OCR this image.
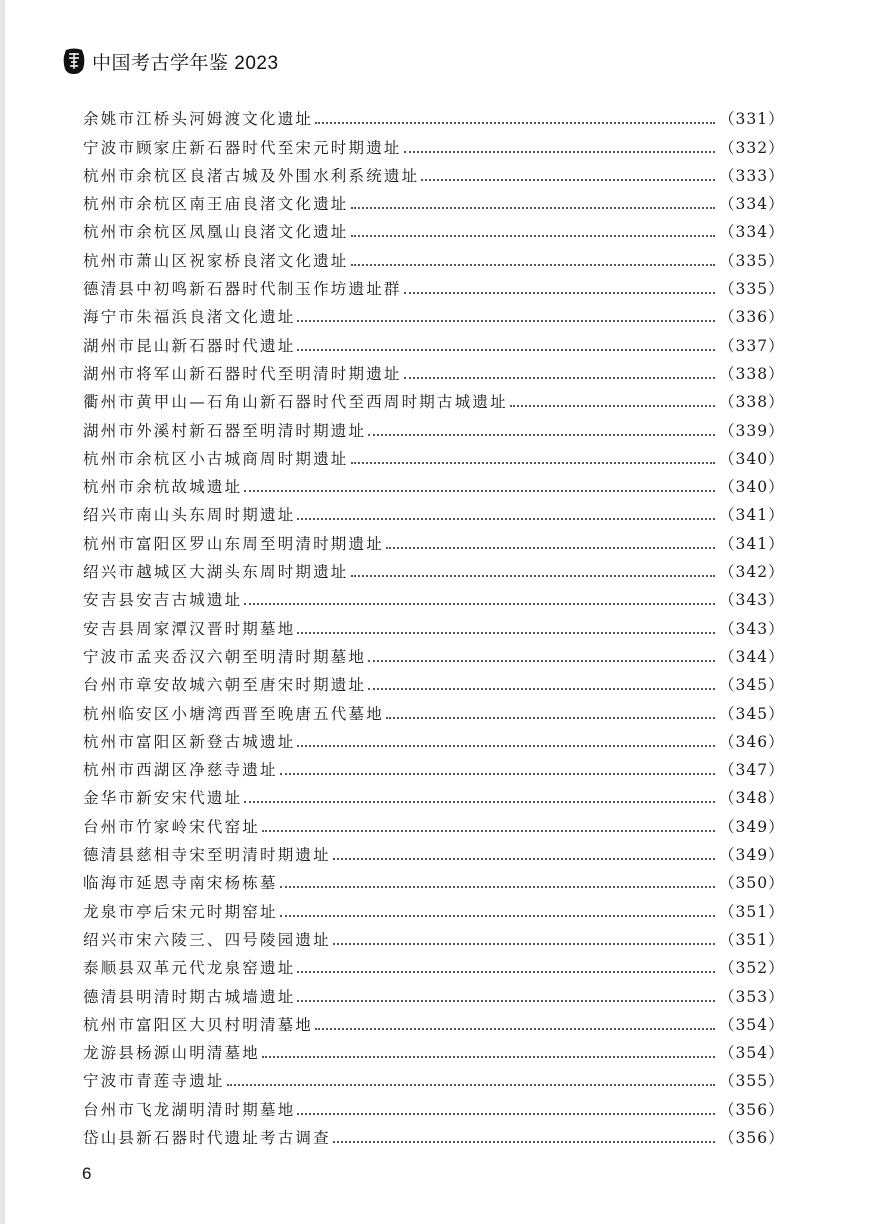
中国考古学年鉴 2023
余姚市江桥头河姆渡文化遗址	（331）
宁波市顾家庄新石器时代至宋元时期遗址	（332）
杭州市余杭区良渚古城及外围水利系统遗址	（333）
杭州市余杭区南王庙良渚文化遗址	（334）
杭州市余杭区凤凰山良渚文化遗址	（334）
杭州市萧山区祝家桥良渚文化遗址	（335）
德清县中初鸣新石器时代制玉作坊遗址群	（335）
海宁市朱福浜良渚文化遗址	（336）
湖州市昆山新石器时代遗址	（337）
湖州市将军山新石器时代至明清时期遗址	（338）
衢州市黄甲山—石角山新石器时代至西周时期古城遗址	（338）
湖州市外溪村新石器至明清时期遗址	（339）
杭州市余杭区小古城商周时期遗址	（340）
杭州市余杭故城遗址	（340）
绍兴市南山头东周时期遗址	（341）
杭州市富阳区罗山东周至明清时期遗址	（341）
绍兴市越城区大湖头东周时期遗址	（342）
安吉县安吉古城遗址	（343）
安吉县周家潭汉晋时期墓地	（343）
宁波市孟夹岙汉六朝至明清时期墓地	（344）
台州市章安故城六朝至唐宋时期遗址	（345）
杭州临安区小塘湾西晋至晚唐五代墓地	（345）
杭州市富阳区新登古城遗址	（346）
杭州市西湖区净慈寺遗址	（347）
金华市新安宋代遗址	（348）
台州市竹家岭宋代窑址	（349）
德清县慈相寺宋至明清时期遗址	（349）
临海市延恩寺南宋杨栋墓	（350）
龙泉市亭后宋元时期窑址	（351）
绍兴市宋六陵三、四号陵园遗址	（351）
泰顺县双革元代龙泉窑遗址	（352）
德清县明清时期古城墙遗址	（353）
杭州市富阳区大贝村明清墓地	（354）
龙游县杨源山明清墓地	（354）
宁波市青莲寺遗址	（355）
台州市飞龙湖明清时期墓地	（356）
岱山县新石器时代遗址考古调查	（356）
6
